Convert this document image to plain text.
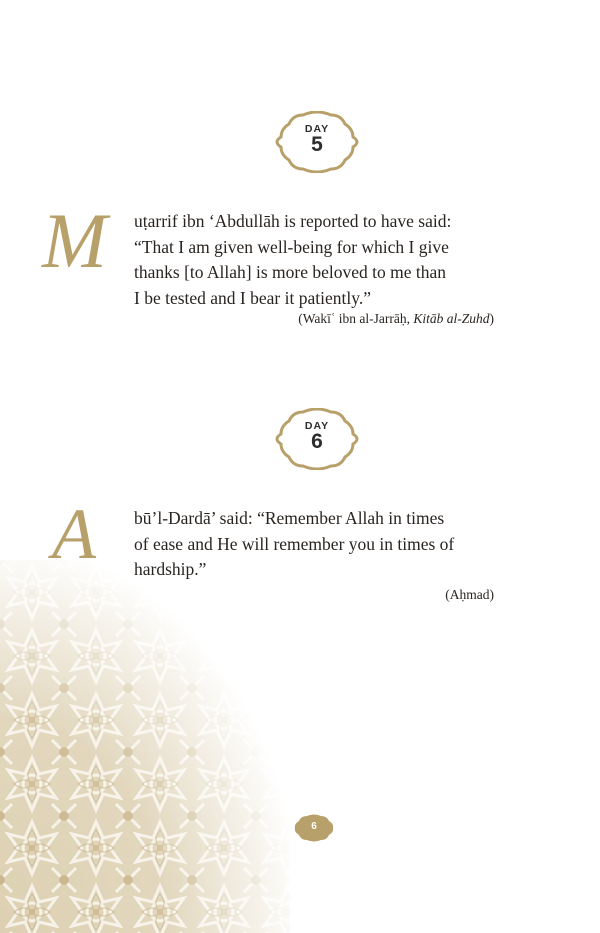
DAY
5
M uṭarrif ibn ‘Abdullāh is reported to have said:
“That I am given well-being for which I give
thanks [to Allah] is more beloved to me than
I be tested and I bear it patiently.”

(Wakīʿ ibn al-Jarrāḥ, Kitāb al-Zuhd)

DAY
6
A bū’l-Dardā’ said: “Remember Allah in times
of ease and He will remember you in times of
hardship.”

(Aḥmad)

6
